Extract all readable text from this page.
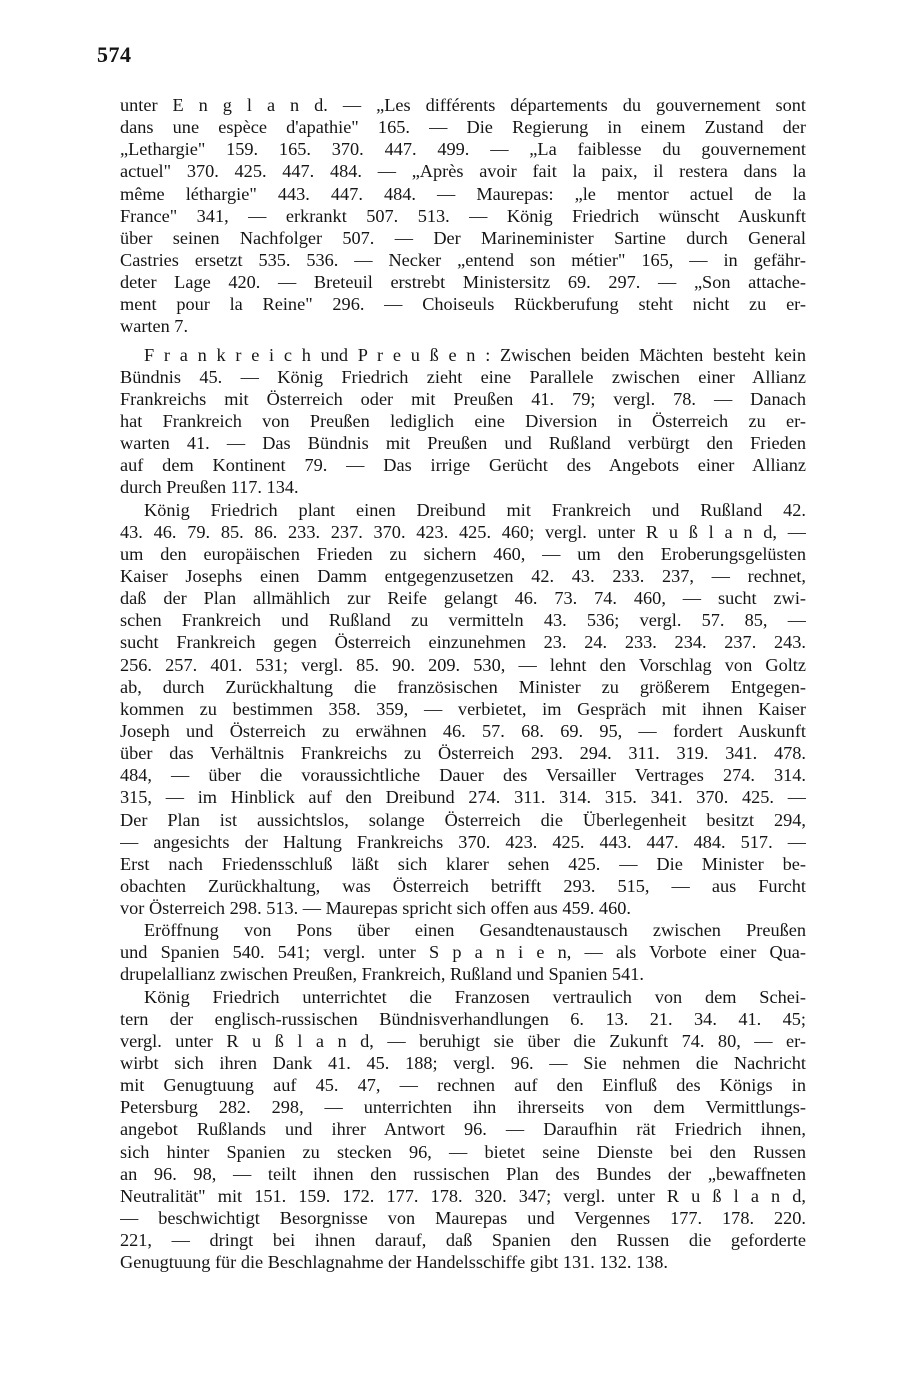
574
unter E n g l a n d. — „Les différents départements du gouvernement sont
dans une espèce d'apathie" 165. — Die Regierung in einem Zustand der
„Lethargie" 159. 165. 370. 447. 499. — „La faiblesse du gouvernement
actuel" 370. 425. 447. 484. — „Après avoir fait la paix, il restera dans la
même léthargie" 443. 447. 484. — Maurepas: „le mentor actuel de la
France" 341, — erkrankt 507. 513. — König Friedrich wünscht Auskunft
über seinen Nachfolger 507. — Der Marineminister Sartine durch General
Castries ersetzt 535. 536. — Necker „entend son métier" 165, — in gefähr-
deter Lage 420. — Breteuil erstrebt Ministersitz 69. 297. — „Son attache-
ment pour la Reine" 296. — Choiseuls Rückberufung steht nicht zu er-
warten 7.
F r a n k r e i c h und P r e u ß e n : Zwischen beiden Mächten besteht kein
Bündnis 45. — König Friedrich zieht eine Parallele zwischen einer Allianz
Frankreichs mit Österreich oder mit Preußen 41. 79; vergl. 78. — Danach
hat Frankreich von Preußen lediglich eine Diversion in Österreich zu er-
warten 41. — Das Bündnis mit Preußen und Rußland verbürgt den Frieden
auf dem Kontinent 79. — Das irrige Gerücht des Angebots einer Allianz
durch Preußen 117. 134.
König Friedrich plant einen Dreibund mit Frankreich und Rußland 42.
43. 46. 79. 85. 86. 233. 237. 370. 423. 425. 460; vergl. unter R u ß l a n d, —
um den europäischen Frieden zu sichern 460, — um den Eroberungsgelüsten
Kaiser Josephs einen Damm entgegenzusetzen 42. 43. 233. 237, — rechnet,
daß der Plan allmählich zur Reife gelangt 46. 73. 74. 460, — sucht zwi-
schen Frankreich und Rußland zu vermitteln 43. 536; vergl. 57. 85, —
sucht Frankreich gegen Österreich einzunehmen 23. 24. 233. 234. 237. 243.
256. 257. 401. 531; vergl. 85. 90. 209. 530, — lehnt den Vorschlag von Goltz
ab, durch Zurückhaltung die französischen Minister zu größerem Entgegen-
kommen zu bestimmen 358. 359, — verbietet, im Gespräch mit ihnen Kaiser
Joseph und Österreich zu erwähnen 46. 57. 68. 69. 95, — fordert Auskunft
über das Verhältnis Frankreichs zu Österreich 293. 294. 311. 319. 341. 478.
484, — über die voraussichtliche Dauer des Versailler Vertrages 274. 314.
315, — im Hinblick auf den Dreibund 274. 311. 314. 315. 341. 370. 425. —
Der Plan ist aussichtslos, solange Österreich die Überlegenheit besitzt 294,
— angesichts der Haltung Frankreichs 370. 423. 425. 443. 447. 484. 517. —
Erst nach Friedensschluß läßt sich klarer sehen 425. — Die Minister be-
obachten Zurückhaltung, was Österreich betrifft 293. 515, — aus Furcht
vor Österreich 298. 513. — Maurepas spricht sich offen aus 459. 460.
Eröffnung von Pons über einen Gesandtenaustausch zwischen Preußen
und Spanien 540. 541; vergl. unter S p a n i e n, — als Vorbote einer Qua-
drupelallianz zwischen Preußen, Frankreich, Rußland und Spanien 541.
König Friedrich unterrichtet die Franzosen vertraulich von dem Schei-
tern der englisch-russischen Bündnisverhandlungen 6. 13. 21. 34. 41. 45;
vergl. unter R u ß l a n d, — beruhigt sie über die Zukunft 74. 80, — er-
wirbt sich ihren Dank 41. 45. 188; vergl. 96. — Sie nehmen die Nachricht
mit Genugtuung auf 45. 47, — rechnen auf den Einfluß des Königs in
Petersburg 282. 298, — unterrichten ihn ihrerseits von dem Vermittlungs-
angebot Rußlands und ihrer Antwort 96. — Daraufhin rät Friedrich ihnen,
sich hinter Spanien zu stecken 96, — bietet seine Dienste bei den Russen
an 96. 98, — teilt ihnen den russischen Plan des Bundes der „bewaffneten
Neutralität" mit 151. 159. 172. 177. 178. 320. 347; vergl. unter R u ß l a n d,
— beschwichtigt Besorgnisse von Maurepas und Vergennes 177. 178. 220.
221, — dringt bei ihnen darauf, daß Spanien den Russen die geforderte
Genugtuung für die Beschlagnahme der Handelsschiffe gibt 131. 132. 138.
